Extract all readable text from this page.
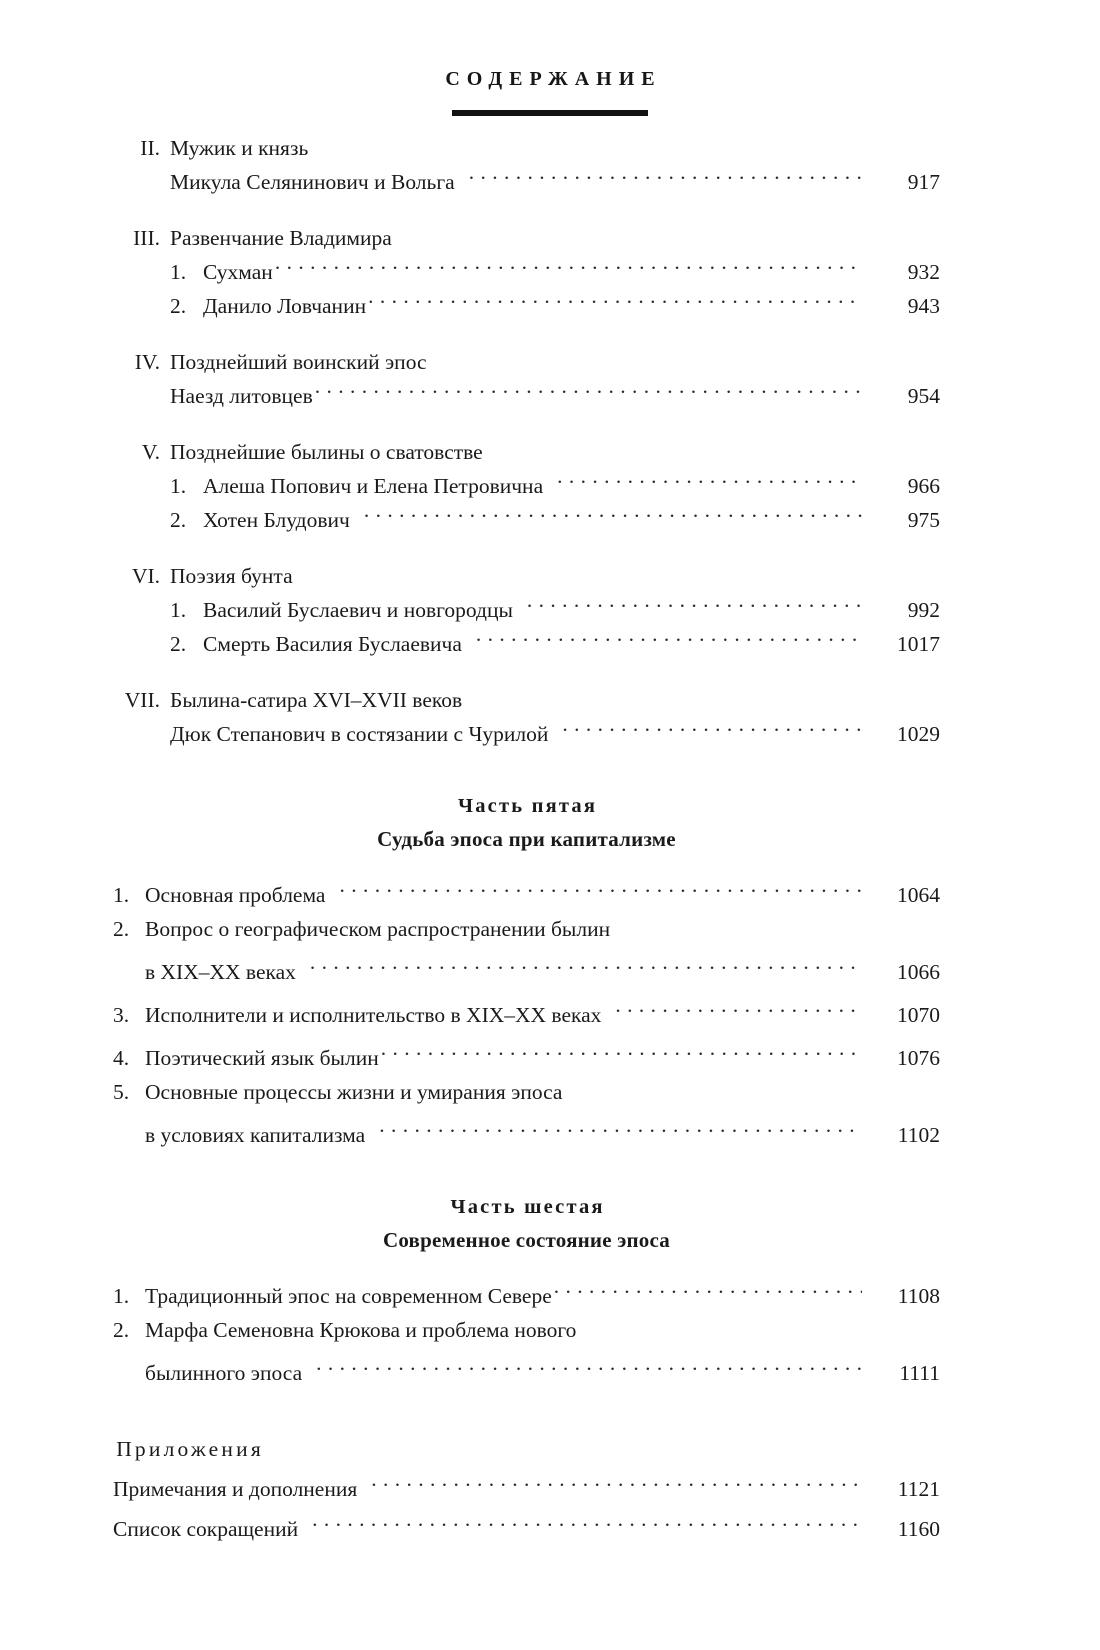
СОДЕРЖАНИЕ
II. Мужик и князь
Микула Селянинович и Вольга . . .	917
III. Развенчание Владимира
1. Сухман . . .	932
2. Данило Ловчанин . . .	943
IV. Позднейший воинский эпос
Наезд литовцев . . .	954
V. Позднейшие былины о сватовстве
1. Алеша Попович и Елена Петровична . . .	966
2. Хотен Блудович . . .	975
VI. Поэзия бунта
1. Василий Буслаевич и новгородцы . . .	992
2. Смерть Василия Буслаевича . . .	1017
VII. Былина-сатира XVI–XVII веков
Дюк Степанович в состязании с Чурилой . . .	1029
Часть пятая
Судьба эпоса при капитализме
1. Основная проблема . . .	1064
2. Вопрос о географическом распространении былин
в XIX–XX веках . . .	1066
3. Исполнители и исполнительство в XIX–XX веках . . .	1070
4. Поэтический язык былин . . .	1076
5. Основные процессы жизни и умирания эпоса
в условиях капитализма . . .	1102
Часть шестая
Современное состояние эпоса
1. Традиционный эпос на современном Севере . . .	1108
2. Марфа Семеновна Крюкова и проблема нового
былинного эпоса . . .	1111
Приложения
Примечания и дополнения . . .	1121
Список сокращений . . .	1160
